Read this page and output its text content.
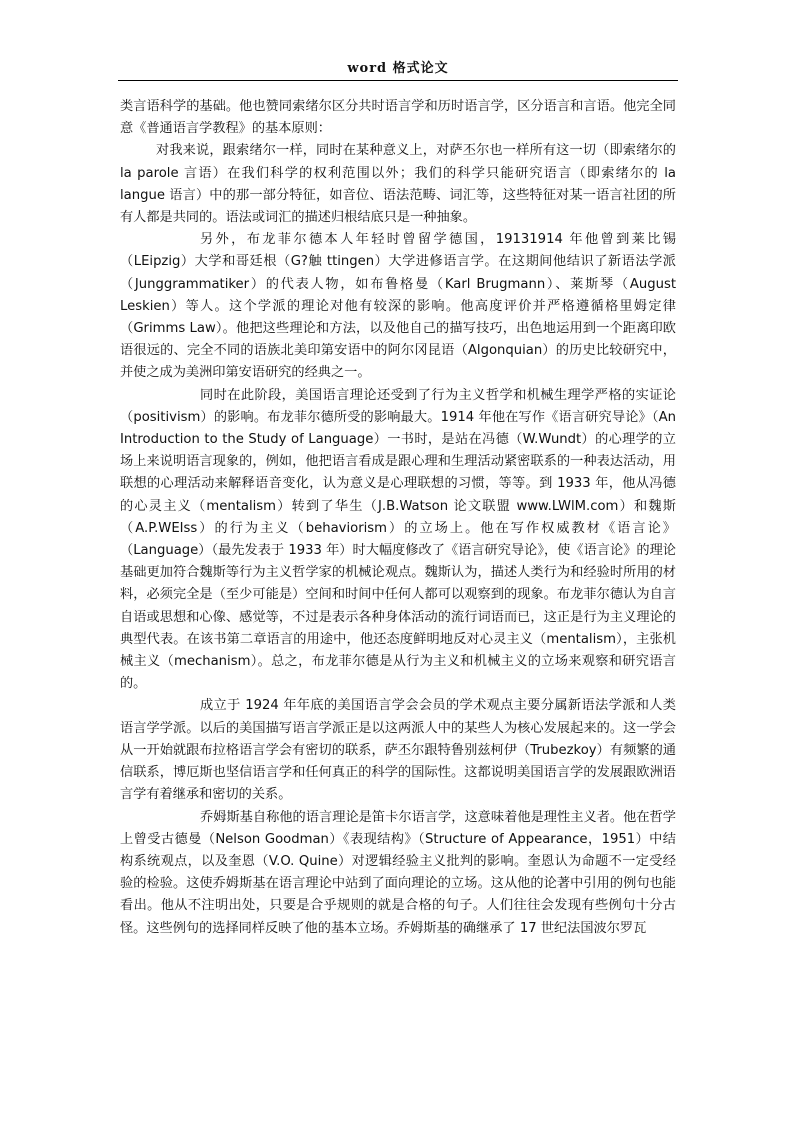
word 格式论文

类言语科学的基础。他也赞同索绪尔区分共时语言学和历时语言学，区分语言和言语。他完全同意《普通语言学教程》的基本原则：

对我来说，跟索绪尔一样，同时在某种意义上，对萨丕尔也一样所有这一切（即索绪尔的 la parole 言语）在我们科学的权利范围以外；我们的科学只能研究语言（即索绪尔的 la langue 语言）中的那一部分特征，如音位、语法范畴、词汇等，这些特征对某一语言社团的所有人都是共同的。语法或词汇的描述归根结底只是一种抽象。

另外，布龙菲尔德本人年轻时曾留学德国，19131914 年他曾到莱比锡（LEipzig）大学和哥廷根（G?触 ttingen）大学进修语言学。在这期间他结识了新语法学派（Junggrammatiker）的代表人物，如布鲁格曼（Karl Brugmann）、莱斯琴（August Leskien）等人。这个学派的理论对他有较深的影响。他高度评价并严格遵循格里姆定律（Grimms Law）。他把这些理论和方法，以及他自己的描写技巧，出色地运用到一个距离印欧语很远的、完全不同的语族北美印第安语中的阿尔冈昆语（Algonquian）的历史比较研究中，并使之成为美洲印第安语研究的经典之一。

同时在此阶段，美国语言理论还受到了行为主义哲学和机械生理学严格的实证论（positivism）的影响。布龙菲尔德所受的影响最大。1914 年他在写作《语言研究导论》（An Introduction to the Study of Language）一书时，是站在冯德（W.Wundt）的心理学的立场上来说明语言现象的，例如，他把语言看成是跟心理和生理活动紧密联系的一种表达活动，用联想的心理活动来解释语音变化，认为意义是心理联想的习惯，等等。到 1933 年，他从冯德的心灵主义（mentalism）转到了华生（J.B.Watson 论文联盟 www.LWlM.com）和魏斯（A.P.WEIss）的行为主义（behaviorism）的立场上。他在写作权威教材《语言论》（Language）（最先发表于 1933 年）时大幅度修改了《语言研究导论》，使《语言论》的理论基础更加符合魏斯等行为主义哲学家的机械论观点。魏斯认为，描述人类行为和经验时所用的材料，必须完全是（至少可能是）空间和时间中任何人都可以观察到的现象。布龙菲尔德认为自言自语或思想和心像、感觉等，不过是表示各种身体活动的流行词语而已，这正是行为主义理论的典型代表。在该书第二章语言的用途中，他还态度鲜明地反对心灵主义（mentalism），主张机械主义（mechanism）。总之，布龙菲尔德是从行为主义和机械主义的立场来观察和研究语言的。

成立于 1924 年年底的美国语言学会会员的学术观点主要分属新语法学派和人类语言学学派。以后的美国描写语言学派正是以这两派人中的某些人为核心发展起来的。这一学会从一开始就跟布拉格语言学会有密切的联系，萨丕尔跟特鲁别兹柯伊（Trubezkoy）有频繁的通信联系，博厄斯也坚信语言学和任何真正的科学的国际性。这都说明美国语言学的发展跟欧洲语言学有着继承和密切的关系。

乔姆斯基自称他的语言理论是笛卡尔语言学，这意味着他是理性主义者。他在哲学上曾受古德曼（Nelson Goodman）《表现结构》（Structure of Appearance，1951）中结构系统观点，以及奎恩（V.O. Quine）对逻辑经验主义批判的影响。奎恩认为命题不一定受经验的检验。这使乔姆斯基在语言理论中站到了面向理论的立场。这从他的论著中引用的例句也能看出。他从不注明出处，只要是合乎规则的就是合格的句子。人们往往会发现有些例句十分古怪。这些例句的选择同样反映了他的基本立场。乔姆斯基的确继承了 17 世纪法国波尔罗瓦
